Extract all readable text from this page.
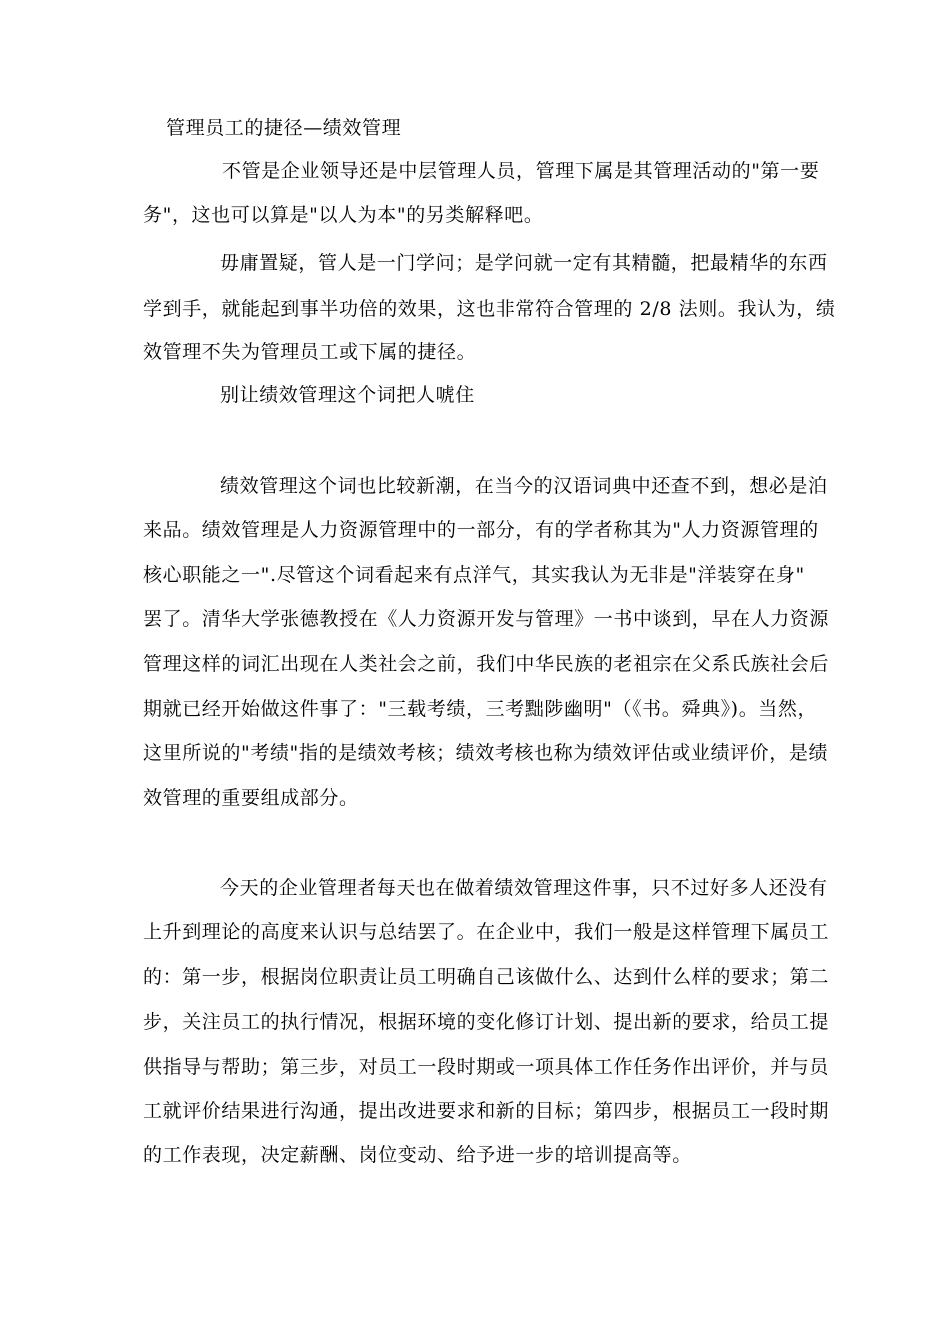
管理员工的捷径—绩效管理
不管是企业领导还是中层管理人员，管理下属是其管理活动的"第一要
务"，这也可以算是"以人为本"的另类解释吧。
毋庸置疑，管人是一门学问；是学问就一定有其精髓，把最精华的东西
学到手，就能起到事半功倍的效果，这也非常符合管理的 2/8 法则。我认为，绩
效管理不失为管理员工或下属的捷径。
别让绩效管理这个词把人唬住
绩效管理这个词也比较新潮，在当今的汉语词典中还查不到，想必是泊
来品。绩效管理是人力资源管理中的一部分，有的学者称其为"人力资源管理的
核心职能之一".尽管这个词看起来有点洋气，其实我认为无非是"洋装穿在身"
罢了。清华大学张德教授在《人力资源开发与管理》一书中谈到，早在人力资源
管理这样的词汇出现在人类社会之前，我们中华民族的老祖宗在父系氏族社会后
期就已经开始做这件事了："三载考绩，三考黜陟幽明"（《书。舜典》)。当然，
这里所说的"考绩"指的是绩效考核；绩效考核也称为绩效评估或业绩评价，是绩
效管理的重要组成部分。
今天的企业管理者每天也在做着绩效管理这件事，只不过好多人还没有
上升到理论的高度来认识与总结罢了。在企业中，我们一般是这样管理下属员工
的：第一步，根据岗位职责让员工明确自己该做什么、达到什么样的要求；第二
步，关注员工的执行情况，根据环境的变化修订计划、提出新的要求，给员工提
供指导与帮助；第三步，对员工一段时期或一项具体工作任务作出评价，并与员
工就评价结果进行沟通，提出改进要求和新的目标；第四步，根据员工一段时期
的工作表现，决定薪酬、岗位变动、给予进一步的培训提高等。
